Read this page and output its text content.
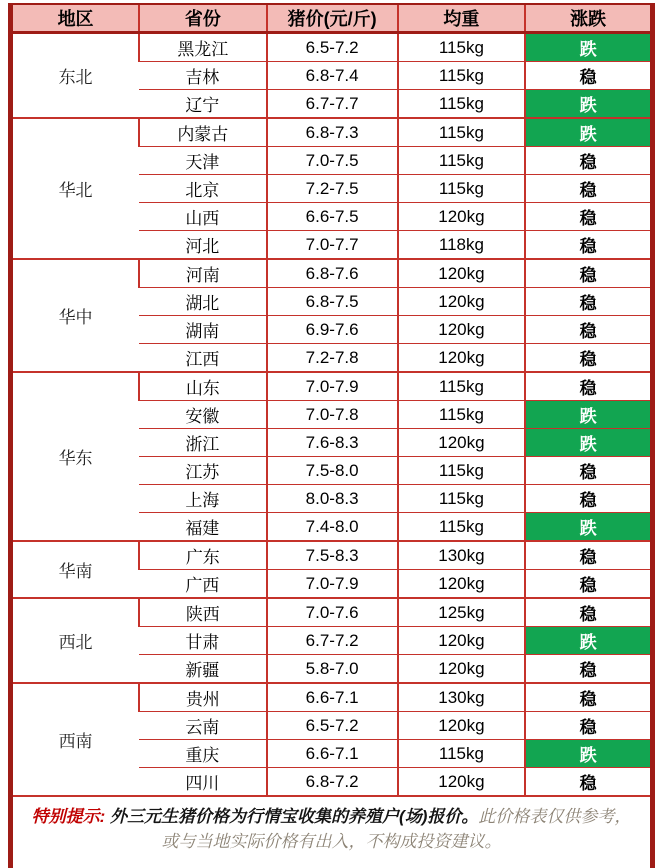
地区	省份	猪价(元/斤)	均重	涨跌
东北	黑龙江	6.5-7.2	115kg	跌
	吉林	6.8-7.4	115kg	稳
	辽宁	6.7-7.7	115kg	跌
华北	内蒙古	6.8-7.3	115kg	跌
	天津	7.0-7.5	115kg	稳
	北京	7.2-7.5	115kg	稳
	山西	6.6-7.5	120kg	稳
	河北	7.0-7.7	118kg	稳
华中	河南	6.8-7.6	120kg	稳
	湖北	6.8-7.5	120kg	稳
	湖南	6.9-7.6	120kg	稳
	江西	7.2-7.8	120kg	稳
华东	山东	7.0-7.9	115kg	稳
	安徽	7.0-7.8	115kg	跌
	浙江	7.6-8.3	120kg	跌
	江苏	7.5-8.0	115kg	稳
	上海	8.0-8.3	115kg	稳
	福建	7.4-8.0	115kg	跌
华南	广东	7.5-8.3	130kg	稳
	广西	7.0-7.9	120kg	稳
西北	陕西	7.0-7.6	125kg	稳
	甘肃	6.7-7.2	120kg	跌
	新疆	5.8-7.0	120kg	稳
西南	贵州	6.6-7.1	130kg	稳
	云南	6.5-7.2	120kg	稳
	重庆	6.6-7.1	115kg	跌
	四川	6.8-7.2	120kg	稳
特别提示: 外三元生猪价格为行情宝收集的养殖户(场)报价。此价格表仅供参考，或与当地实际价格有出入，不构成投资建议。
